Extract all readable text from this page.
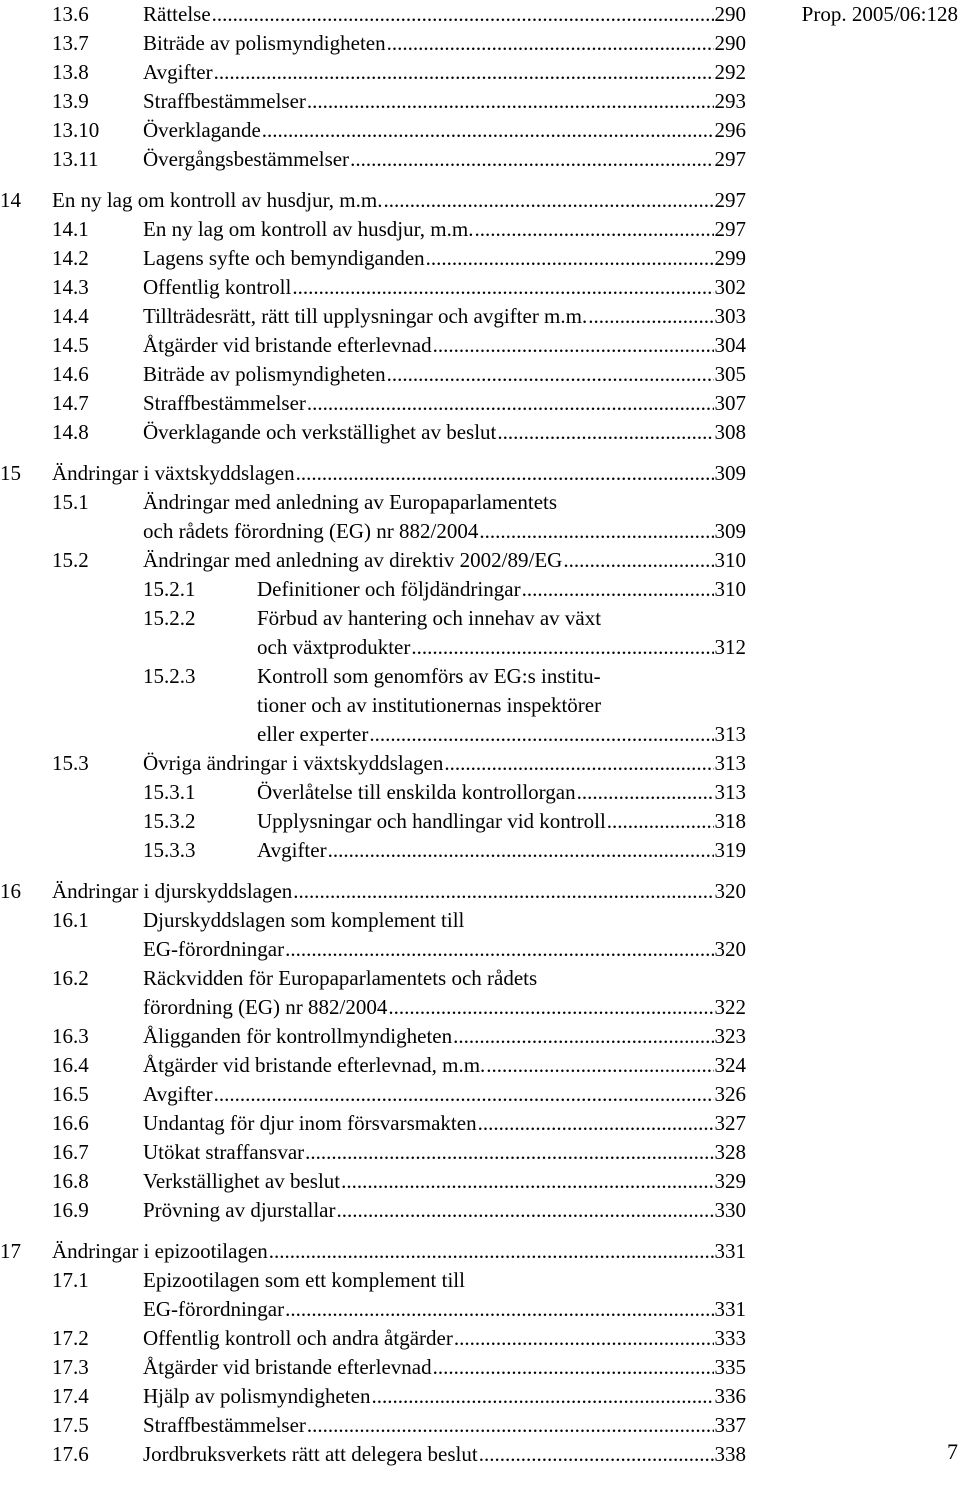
13.6	Rättelse .....	290
13.7	Biträde av polismyndigheten .....	290
13.8	Avgifter .....	292
13.9	Straffbestämmelser .....	293
13.10 Överklagande .....	296
13.11 Övergångsbestämmelser .....	297
14 En ny lag om kontroll av husdjur, m.m. .....	297
14.1	En ny lag om kontroll av husdjur, m.m. .....	297
14.2	Lagens syfte och bemyndiganden .....	299
14.3	Offentlig kontroll .....	302
14.4	Tillträdesrätt, rätt till upplysningar och avgifter m.m. .....	303
14.5	Åtgärder vid bristande efterlevnad .....	304
14.6	Biträde av polismyndigheten .....	305
14.7	Straffbestämmelser .....	307
14.8	Överklagande och verkställighet av beslut .....	308
15 Ändringar i växtskyddslagen .....	309
15.1	Ändringar med anledning av Europaparlamentets
och rådets förordning (EG) nr 882/2004 .....	309
15.2	Ändringar med anledning av direktiv 2002/89/EG .....	310
15.2.1	Definitioner och följdändringar .....	310
15.2.2	Förbud av hantering och innehav av växt
och växtprodukter .....	312
15.2.3	Kontroll som genomförs av EG:s institu-
tioner och av institutionernas inspektörer
eller experter .....	313
15.3	Övriga ändringar i växtskyddslagen .....	313
15.3.1	Överlåtelse till enskilda kontrollorgan .....	313
15.3.2	Upplysningar och handlingar vid kontroll .....	318
15.3.3	Avgifter .....	319
16 Ändringar i djurskyddslagen .....	320
16.1	Djurskyddslagen som komplement till
EG-förordningar .....	320
16.2	Räckvidden för Europaparlamentets och rådets
förordning (EG) nr 882/2004 .....	322
16.3	Åligganden för kontrollmyndigheten .....	323
16.4	Åtgärder vid bristande efterlevnad, m.m. .....	324
16.5	Avgifter .....	326
16.6	Undantag för djur inom försvarsmakten .....	327
16.7	Utökat straffansvar .....	328
16.8	Verkställighet av beslut .....	329
16.9	Prövning av djurstallar .....	330
17 Ändringar i epizootilagen .....	331
17.1	Epizootilagen som ett komplement till
EG-förordningar .....	331
17.2	Offentlig kontroll och andra åtgärder .....	333
17.3	Åtgärder vid bristande efterlevnad .....	335
17.4	Hjälp av polismyndigheten .....	336
17.5	Straffbestämmelser .....	337
17.6	Jordbruksverkets rätt att delegera beslut .....	338
Prop. 2005/06:128
7
